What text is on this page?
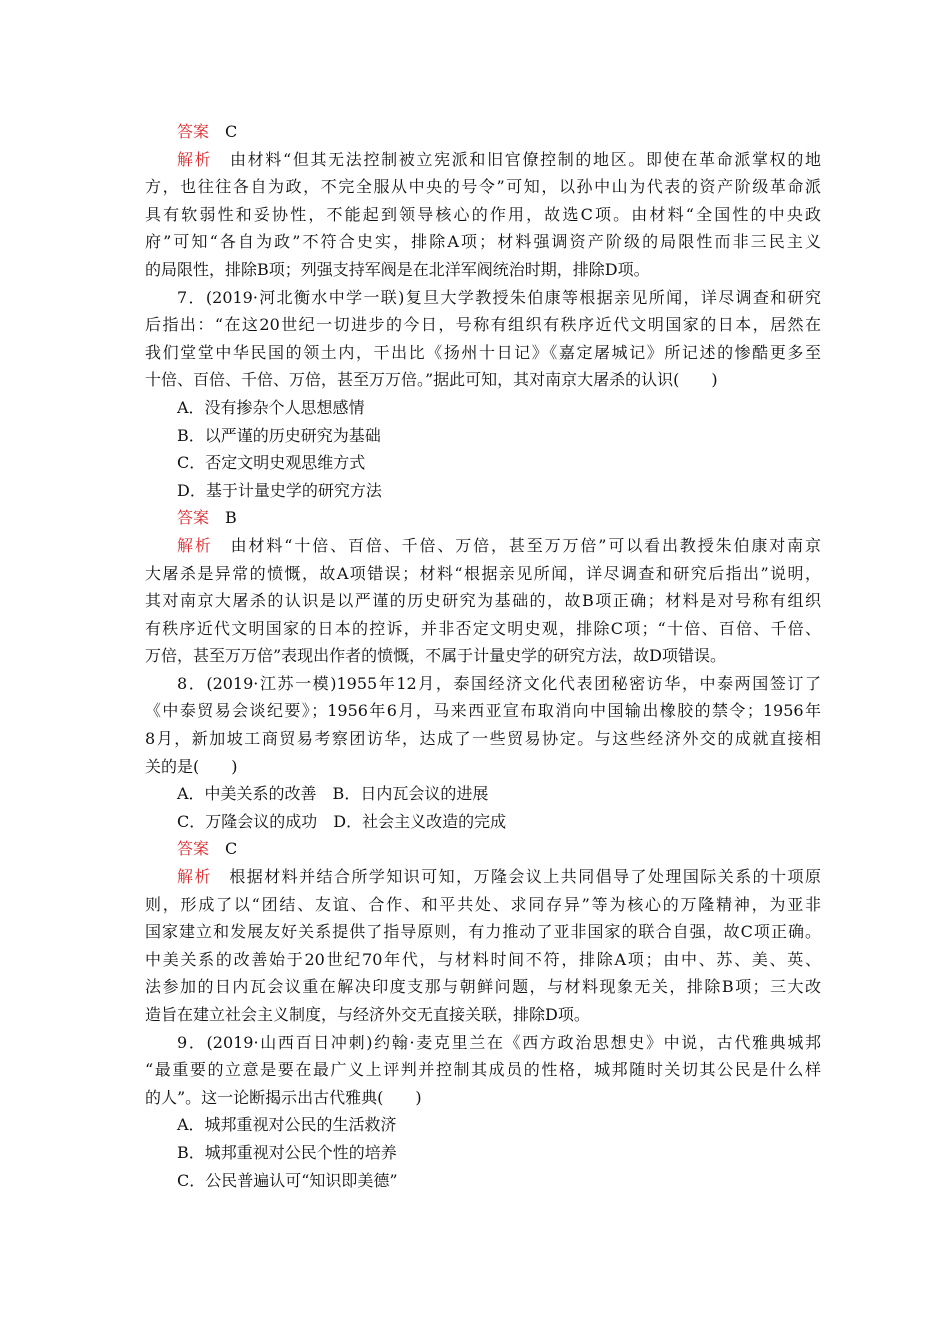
答案 C
解析 由材料“但其无法控制被立宪派和旧官僚控制的地区。即使在革命派掌权的地
方，也往往各自为政，不完全服从中央的号令”可知，以孙中山为代表的资产阶级革命派
具有软弱性和妥协性，不能起到领导核心的作用，故选C项。由材料“全国性的中央政
府”可知“各自为政”不符合史实，排除A项；材料强调资产阶级的局限性而非三民主义
的局限性，排除B项；列强支持军阀是在北洋军阀统治时期，排除D项。
7．(2019·河北衡水中学一联)复旦大学教授朱伯康等根据亲见所闻，详尽调查和研究
后指出：“在这20世纪一切进步的今日，号称有组织有秩序近代文明国家的日本，居然在
我们堂堂中华民国的领土内，干出比《扬州十日记》《嘉定屠城记》所记述的惨酷更多至
十倍、百倍、千倍、万倍，甚至万万倍。”据此可知，其对南京大屠杀的认识(　　)
A．没有掺杂个人思想感情
B．以严谨的历史研究为基础
C．否定文明史观思维方式
D．基于计量史学的研究方法
答案 B
解析 由材料“十倍、百倍、千倍、万倍，甚至万万倍”可以看出教授朱伯康对南京
大屠杀是异常的愤慨，故A项错误；材料“根据亲见所闻，详尽调查和研究后指出”说明，
其对南京大屠杀的认识是以严谨的历史研究为基础的，故B项正确；材料是对号称有组织
有秩序近代文明国家的日本的控诉，并非否定文明史观，排除C项；“十倍、百倍、千倍、
万倍，甚至万万倍”表现出作者的愤慨，不属于计量史学的研究方法，故D项错误。
8．(2019·江苏一模)1955年12月，泰国经济文化代表团秘密访华，中泰两国签订了
《中泰贸易会谈纪要》；1956年6月，马来西亚宣布取消向中国输出橡胶的禁令；1956年
8月，新加坡工商贸易考察团访华，达成了一些贸易协定。与这些经济外交的成就直接相
关的是(　　)
A．中美关系的改善　B．日内瓦会议的进展
C．万隆会议的成功　D．社会主义改造的完成
答案 C
解析 根据材料并结合所学知识可知，万隆会议上共同倡导了处理国际关系的十项原
则，形成了以“团结、友谊、合作、和平共处、求同存异”等为核心的万隆精神，为亚非
国家建立和发展友好关系提供了指导原则，有力推动了亚非国家的联合自强，故C项正确。
中美关系的改善始于20世纪70年代，与材料时间不符，排除A项；由中、苏、美、英、
法参加的日内瓦会议重在解决印度支那与朝鲜问题，与材料现象无关，排除B项；三大改
造旨在建立社会主义制度，与经济外交无直接关联，排除D项。
9．(2019·山西百日冲刺)约翰·麦克里兰在《西方政治思想史》中说，古代雅典城邦
“最重要的立意是要在最广义上评判并控制其成员的性格，城邦随时关切其公民是什么样
的人”。这一论断揭示出古代雅典(　　)
A．城邦重视对公民的生活救济
B．城邦重视对公民个性的培养
C．公民普遍认可“知识即美德”
